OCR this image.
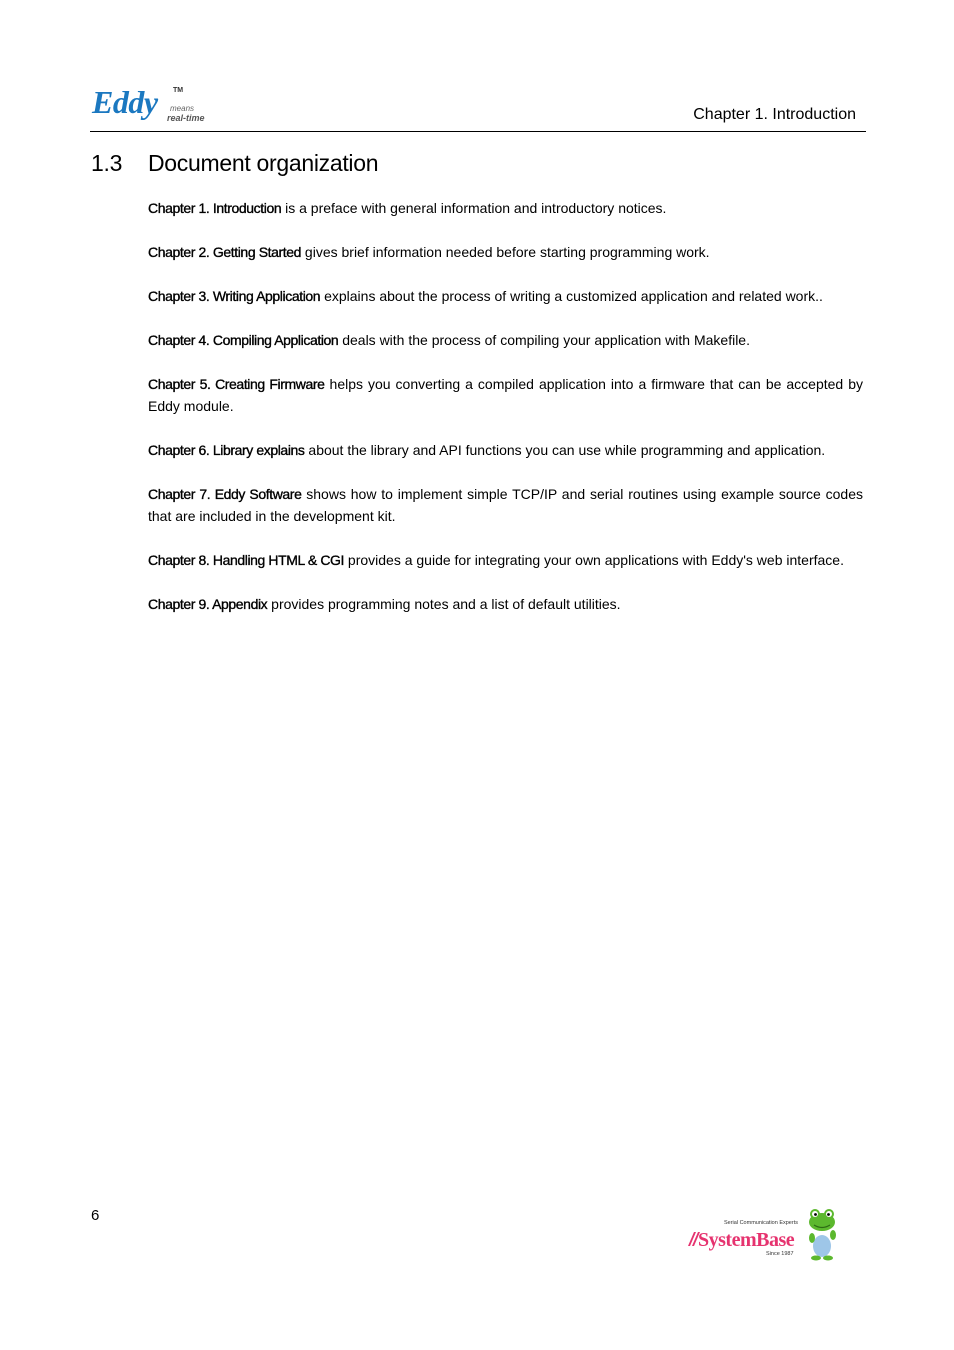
Eddy TM
means
real-time	Chapter 1. Introduction
1.3 Document organization

Chapter 1. Introduction is a preface with general information and introductory notices.

Chapter 2. Getting Started gives brief information needed before starting programming work.

Chapter 3. Writing Application explains about the process of writing a customized application and related work..

Chapter 4. Compiling Application deals with the process of compiling your application with Makefile.

Chapter 5. Creating Firmware helps you converting a compiled application into a firmware that can be accepted by Eddy module.

Chapter 6. Library explains about the library and API functions you can use while programming and application.

Chapter 7. Eddy Software shows how to implement simple TCP/IP and serial routines using example source codes that are included in the development kit.

Chapter 8. Handling HTML & CGI provides a guide for integrating your own applications with Eddy's web interface.

Chapter 9. Appendix provides programming notes and a list of default utilities.

6	Serial Communication Experts
SystemBase
Since 1987
